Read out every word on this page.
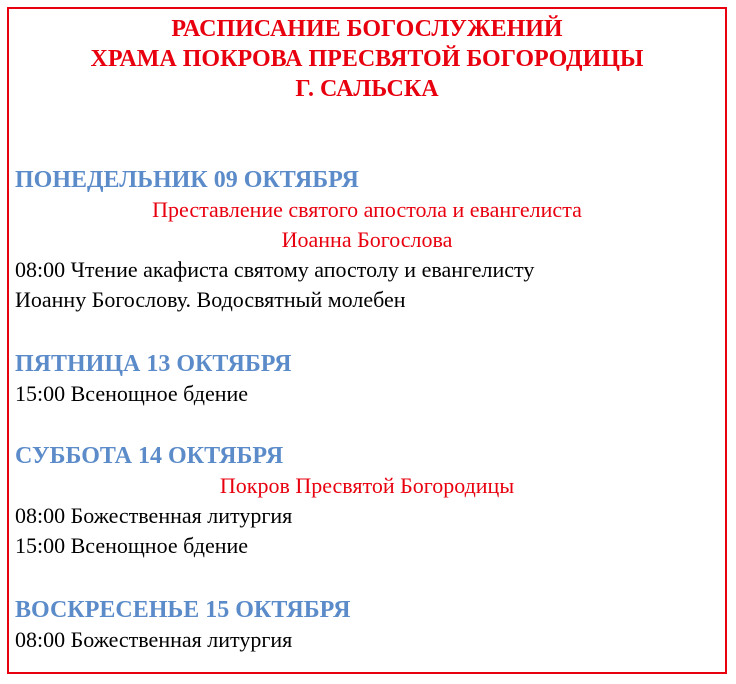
РАСПИСАНИЕ БОГОСЛУЖЕНИЙ
ХРАМА ПОКРОВА ПРЕСВЯТОЙ БОГОРОДИЦЫ
Г. САЛЬСКА
ПОНЕДЕЛЬНИК 09 ОКТЯБРЯ
Преставление святого апостола и евангелиста
Иоанна Богослова
08:00 Чтение акафиста святому апостолу и евангелисту
Иоанну Богослову. Водосвятный молебен
ПЯТНИЦА 13 ОКТЯБРЯ
15:00 Всенощное бдение
СУББОТА 14 ОКТЯБРЯ
Покров Пресвятой Богородицы
08:00 Божественная литургия
15:00 Всенощное бдение
ВОСКРЕСЕНЬЕ 15 ОКТЯБРЯ
08:00 Божественная литургия
